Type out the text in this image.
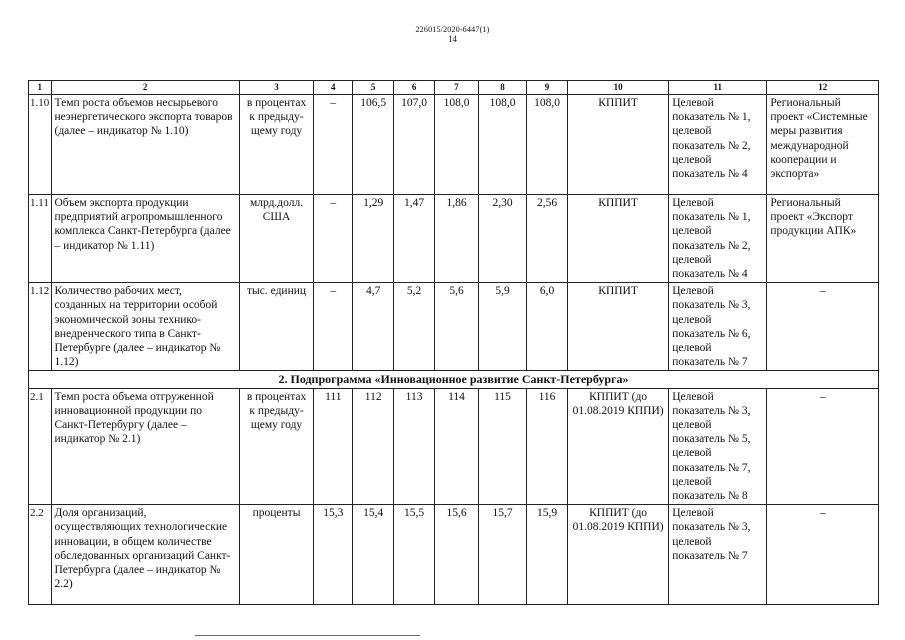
226015/2020-6447(1)
14
1	2	3	4	5	6	7	8	9	10	11	12
1.10	Темп роста объемов несырьевого неэнергетического экспорта товаров (далее – индикатор № 1.10)	в процентах к предыду-щему году	–	106,5	107,0	108,0	108,0	108,0	КППИТ	Целевой показатель № 1, целевой показатель № 2, целевой показатель № 4	Региональный проект «Системные меры развития международной кооперации и экспорта»
1.11	Объем экспорта продукции предприятий агропромышленного комплекса Санкт-Петербурга (далее – индикатор № 1.11)	млрд.долл. США	–	1,29	1,47	1,86	2,30	2,56	КППИТ	Целевой показатель № 1, целевой показатель № 2, целевой показатель № 4	Региональный проект «Экспорт продукции АПК»
1.12	Количество рабочих мест, созданных на территории особой экономической зоны технико-внедренческого типа в Санкт-Петербурге (далее – индикатор № 1.12)	тыс. единиц	–	4,7	5,2	5,6	5,9	6,0	КППИТ	Целевой показатель № 3, целевой показатель № 6, целевой показатель № 7	–
2. Подпрограмма «Инновационное развитие Санкт-Петербурга»											
2.1	Темп роста объема отгруженной инновационной продукции по Санкт-Петербургу (далее – индикатор № 2.1)	в процентах к предыду-щему году	111	112	113	114	115	116	КППИТ (до 01.08.2019 КППИ)	Целевой показатель № 3, целевой показатель № 5, целевой показатель № 7, целевой показатель № 8	–
2.2	Доля организаций, осуществляющих технологические инновации, в общем количестве обследованных организаций Санкт-Петербурга (далее – индикатор № 2.2)	проценты	15,3	15,4	15,5	15,6	15,7	15,9	КППИТ (до 01.08.2019 КППИ)	Целевой показатель № 3, целевой показатель № 7	–
